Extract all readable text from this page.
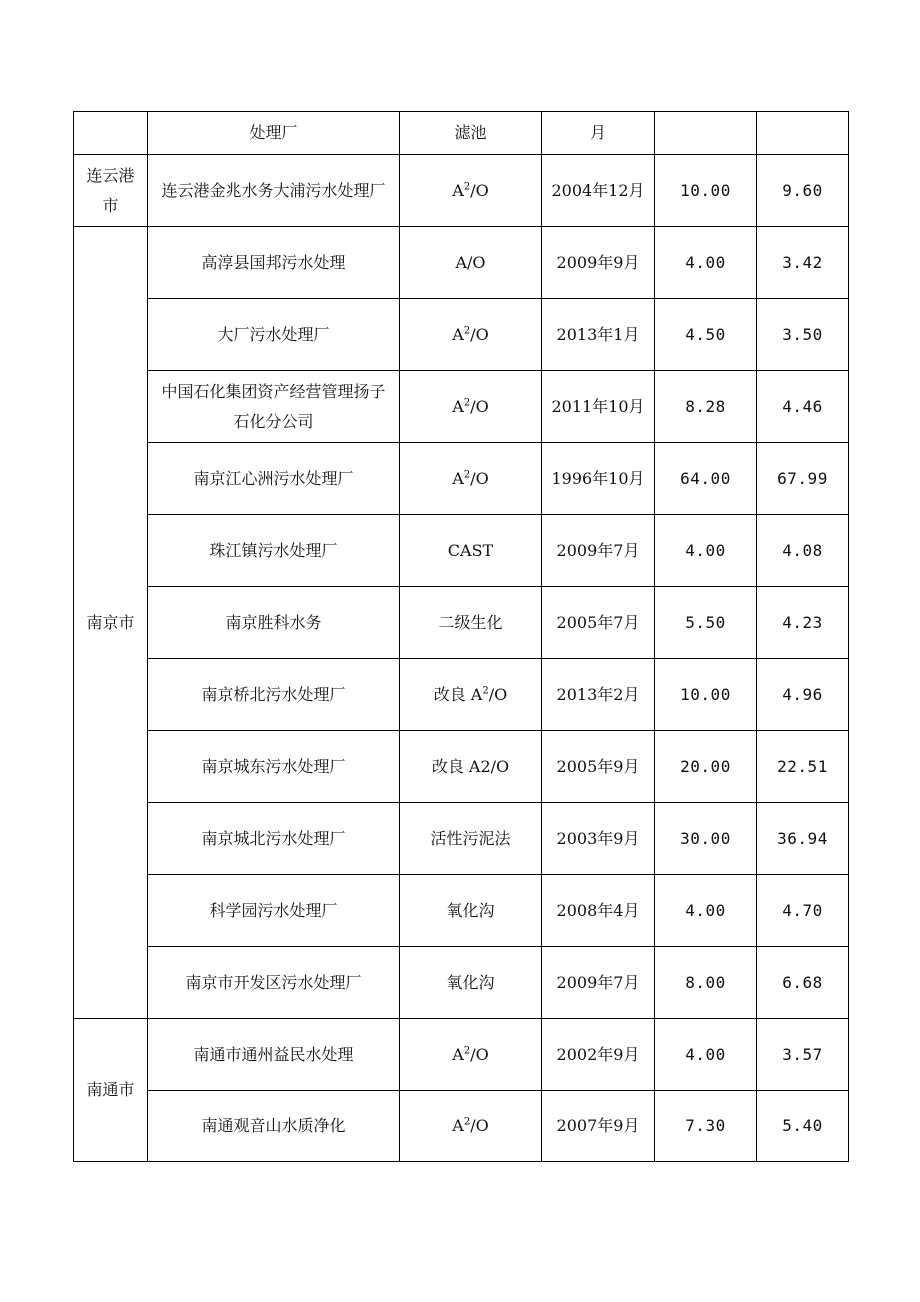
	处理厂	滤池	月		
连云港市	连云港金兆水务大浦污水处理厂	$A^2/O$	2004年12月	10.00	9.60
南京市	高淳县国邦污水处理	A/O	2009年9月	4.00	3.42
	大厂污水处理厂	$A^2/O$	2013年1月	4.50	3.50
	中国石化集团资产经营管理扬子石化分公司	$A^2/O$	2011年10月	8.28	4.46
	南京江心洲污水处理厂	$A^2/O$	1996年10月	64.00	67.99
	珠江镇污水处理厂	CAST	2009年7月	4.00	4.08
	南京胜科水务	二级生化	2005年7月	5.50	4.23
	南京桥北污水处理厂	改良 $A^2/O$	2013年2月	10.00	4.96
	南京城东污水处理厂	改良 A2/O	2005年9月	20.00	22.51
	南京城北污水处理厂	活性污泥法	2003年9月	30.00	36.94
	科学园污水处理厂	氧化沟	2008年4月	4.00	4.70
	南京市开发区污水处理厂	氧化沟	2009年7月	8.00	6.68
南通市	南通市通州益民水处理	$A^2/O$	2002年9月	4.00	3.57
	南通观音山水质净化	$A^2/O$	2007年9月	7.30	5.40
